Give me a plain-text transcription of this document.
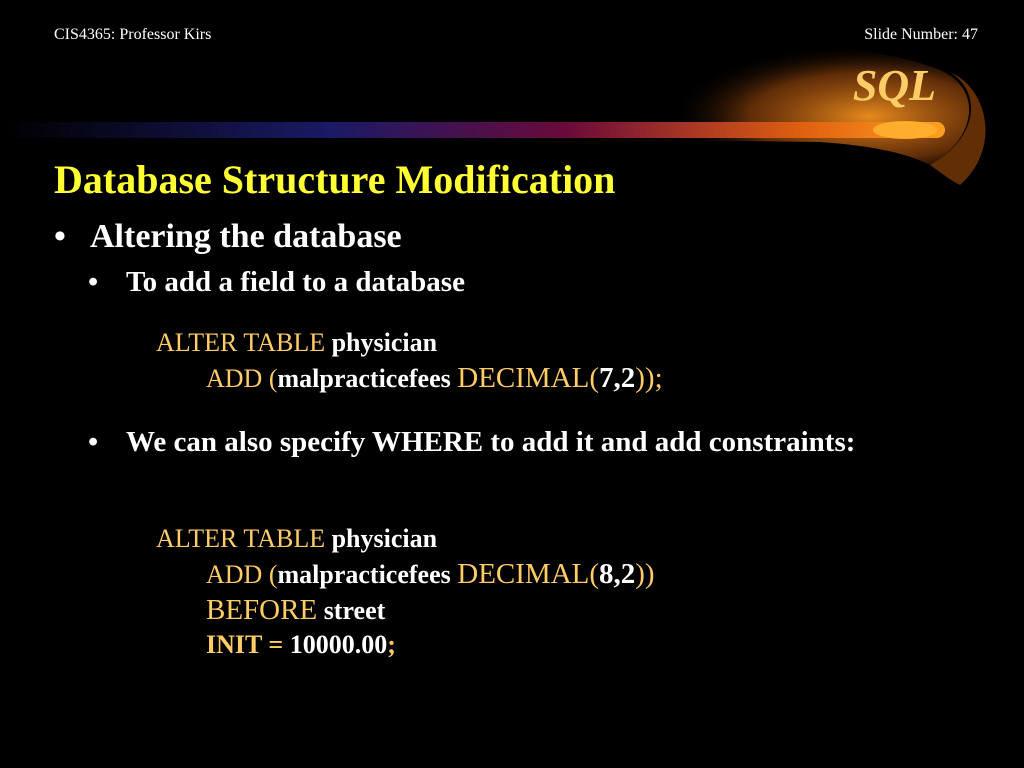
CIS4365: Professor Kirs	Slide Number: 47
SQL
Database Structure Modification
• Altering the database
• To add a field to a database
ALTER TABLE physician
ADD (malpracticefees DECIMAL(7,2));
• We can also specify WHERE to add it and add constraints:
ALTER TABLE physician
ADD (malpracticefees DECIMAL(8,2))
BEFORE street
INIT = 10000.00;
